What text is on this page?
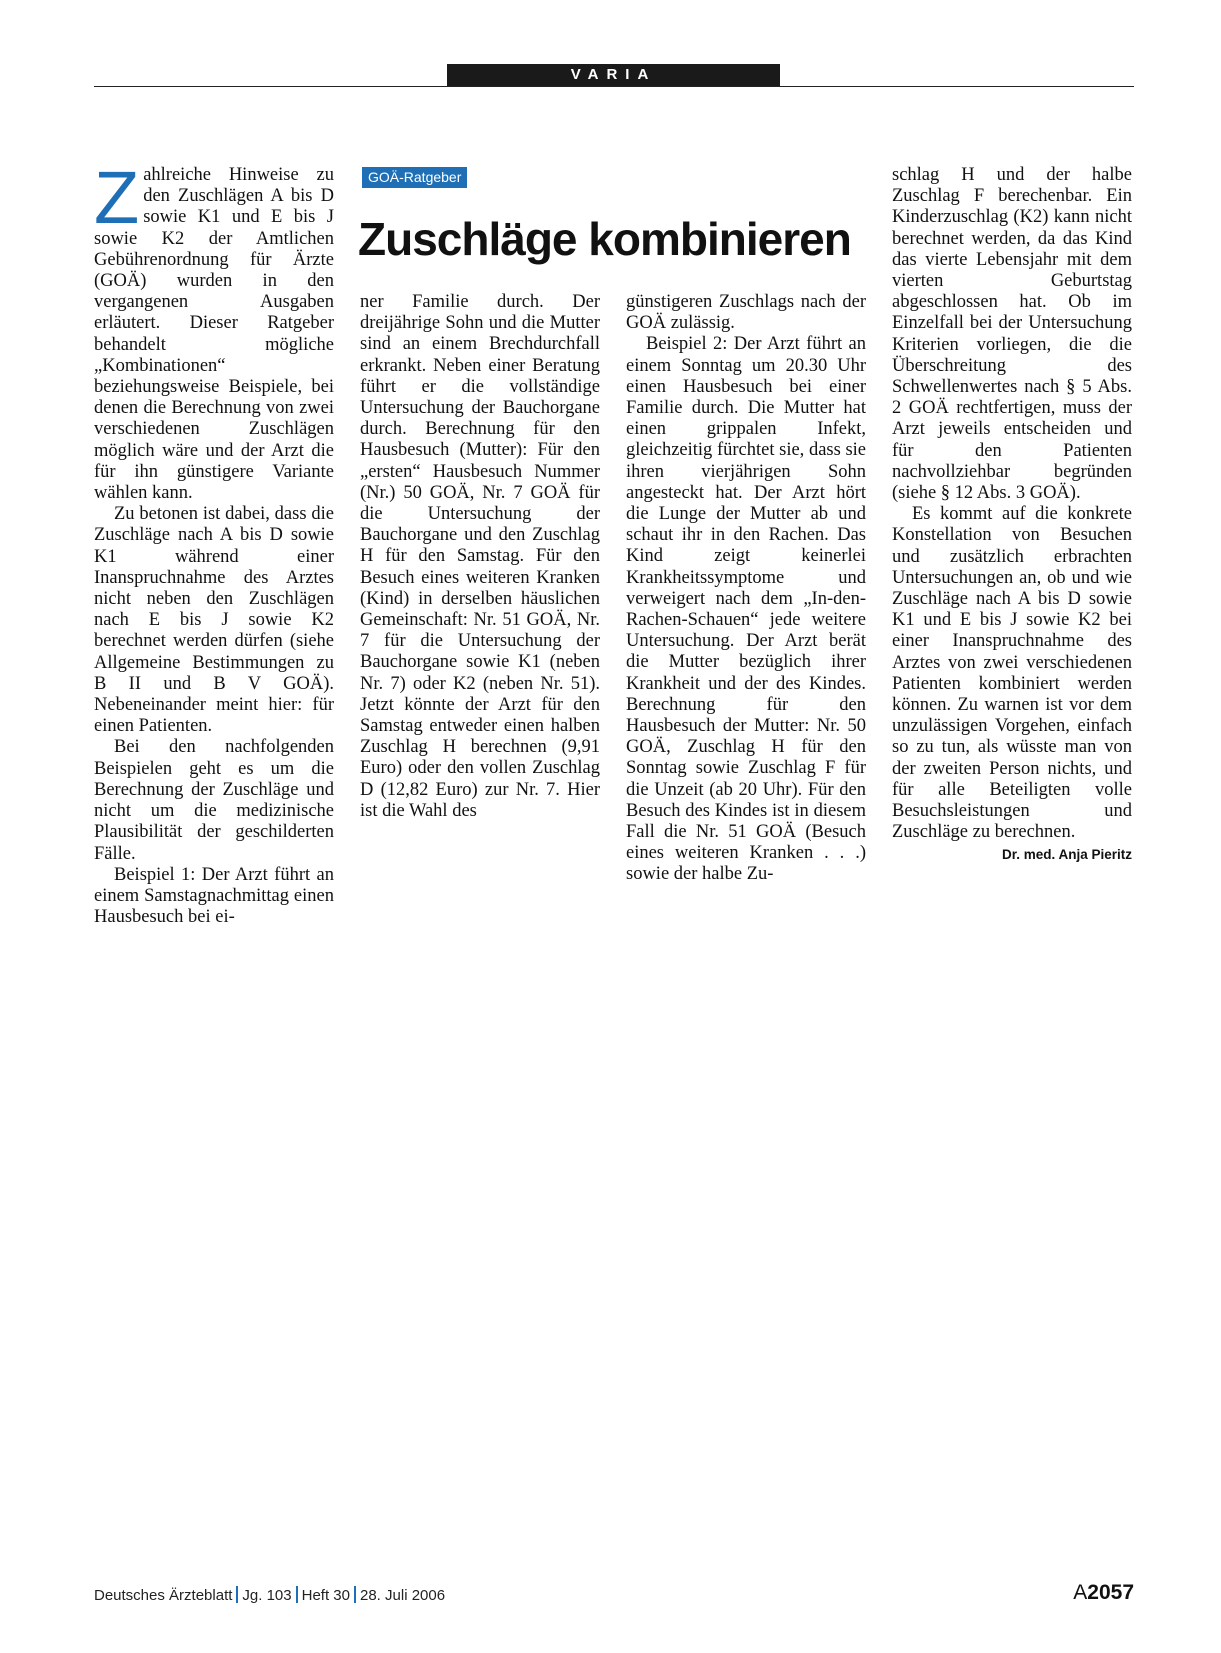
VARIA

Zahlreiche Hinweise zu den Zuschlägen A bis D sowie K1 und E bis J sowie K2 der Amtlichen Gebührenordnung für Ärzte (GOÄ) wurden in den vergangenen Ausgaben erläutert. Dieser Ratgeber behandelt mögliche „Kombinationen“ beziehungsweise Beispiele, bei denen die Berechnung von zwei verschiedenen Zuschlägen möglich wäre und der Arzt die für ihn günstigere Variante wählen kann.

Zu betonen ist dabei, dass die Zuschläge nach A bis D sowie K1 während einer Inanspruchnahme des Arztes nicht neben den Zuschlägen nach E bis J sowie K2 berechnet werden dürfen (siehe Allgemeine Bestimmungen zu B II und B V GOÄ). Nebeneinander meint hier: für einen Patienten.

Bei den nachfolgenden Beispielen geht es um die Berechnung der Zuschläge und nicht um die medizinische Plausibilität der geschilderten Fälle.

Beispiel 1: Der Arzt führt an einem Samstagnachmittag einen Hausbesuch bei ei-

GOÄ-Ratgeber
Zuschläge kombinieren

ner Familie durch. Der dreijährige Sohn und die Mutter sind an einem Brechdurchfall erkrankt. Neben einer Beratung führt er die vollständige Untersuchung der Bauchorgane durch. Berechnung für den Hausbesuch (Mutter): Für den „ersten“ Hausbesuch Nummer (Nr.) 50 GOÄ, Nr. 7 GOÄ für die Untersuchung der Bauchorgane und den Zuschlag H für den Samstag. Für den Besuch eines weiteren Kranken (Kind) in derselben häuslichen Gemeinschaft: Nr. 51 GOÄ, Nr. 7 für die Untersuchung der Bauchorgane sowie K1 (neben Nr. 7) oder K2 (neben Nr. 51). Jetzt könnte der Arzt für den Samstag entweder einen halben Zuschlag H berechnen (9,91 Euro) oder den vollen Zuschlag D (12,82 Euro) zur Nr. 7. Hier ist die Wahl des

günstigeren Zuschlags nach der GOÄ zulässig.

Beispiel 2: Der Arzt führt an einem Sonntag um 20.30 Uhr einen Hausbesuch bei einer Familie durch. Die Mutter hat einen grippalen Infekt, gleichzeitig fürchtet sie, dass sie ihren vierjährigen Sohn angesteckt hat. Der Arzt hört die Lunge der Mutter ab und schaut ihr in den Rachen. Das Kind zeigt keinerlei Krankheitssymptome und verweigert nach dem „In-den-Rachen-Schauen“ jede weitere Untersuchung. Der Arzt berät die Mutter bezüglich ihrer Krankheit und der des Kindes. Berechnung für den Hausbesuch der Mutter: Nr. 50 GOÄ, Zuschlag H für den Sonntag sowie Zuschlag F für die Unzeit (ab 20 Uhr). Für den Besuch des Kindes ist in diesem Fall die Nr. 51 GOÄ (Besuch eines weiteren Kranken . . .) sowie der halbe Zu-

schlag H und der halbe Zuschlag F berechenbar. Ein Kinderzuschlag (K2) kann nicht berechnet werden, da das Kind das vierte Lebensjahr mit dem vierten Geburtstag abgeschlossen hat. Ob im Einzelfall bei der Untersuchung Kriterien vorliegen, die die Überschreitung des Schwellenwertes nach § 5 Abs. 2 GOÄ rechtfertigen, muss der Arzt jeweils entscheiden und für den Patienten nachvollziehbar begründen (siehe § 12 Abs. 3 GOÄ).

Es kommt auf die konkrete Konstellation von Besuchen und zusätzlich erbrachten Untersuchungen an, ob und wie Zuschläge nach A bis D sowie K1 und E bis J sowie K2 bei einer Inanspruchnahme des Arztes von zwei verschiedenen Patienten kombiniert werden können. Zu warnen ist vor dem unzulässigen Vorgehen, einfach so zu tun, als wüsste man von der zweiten Person nichts, und für alle Beteiligten volle Besuchsleistungen und Zuschläge zu berechnen.
Dr. med. Anja Pieritz

Deutsches Ärzteblatt Jg. 103 Heft 30 28. Juli 2006	A2057
